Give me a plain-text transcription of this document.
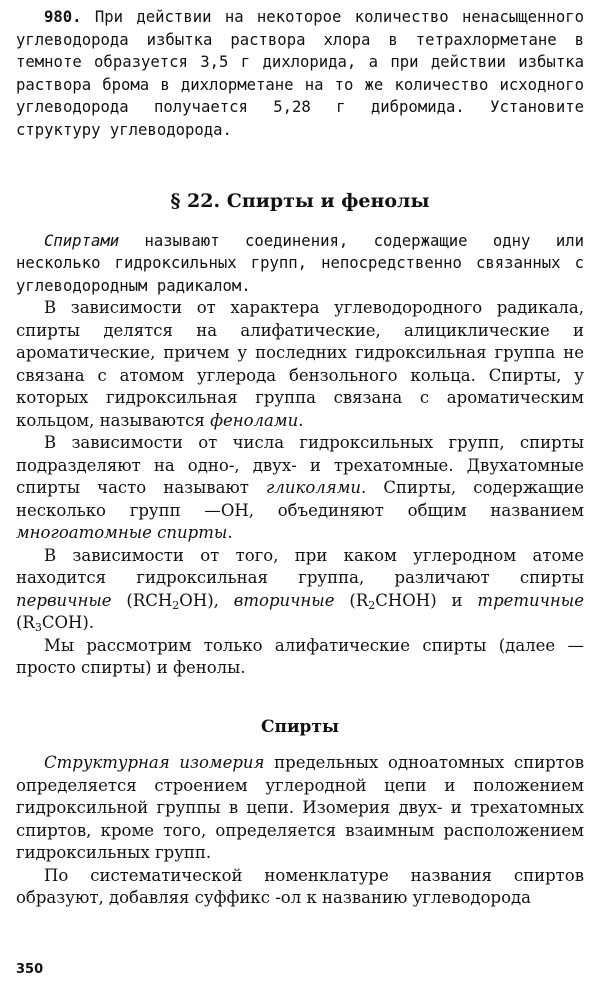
980. При действии на некоторое количество ненасыщенного углеводорода избытка раствора хлора в тетрахлорметане в темноте образуется 3,5 г дихлорида, а при действии избытка раствора брома в дихлорметане на то же количество исходного углеводорода получается 5,28 г дибромида. Установите структуру углеводорода.

§ 22. Спирты и фенолы

Спиртами называют соединения, содержащие одну или несколько гидроксильных групп, непосредственно связанных с углеводородным радикалом.

В зависимости от характера углеводородного радикала, спирты делятся на алифатические, алициклические и ароматические, причем у последних гидроксильная группа не связана с атомом углерода бензольного кольца. Спирты, у которых гидроксильная группа связана с ароматическим кольцом, называются фенолами.

В зависимости от числа гидроксильных групп, спирты подразделяют на одно-, двух- и трехатомные. Двухатомные спирты часто называют гликолями. Спирты, содержащие несколько групп —OH, объединяют общим названием многоатомные спирты.

В зависимости от того, при каком углеродном атоме находится гидроксильная группа, различают спирты первичные $(RCH_2OH)$, вторичные $(R_2CHOH)$ и третичные $(R_3COH)$.

Мы рассмотрим только алифатические спирты (далее — просто спирты) и фенолы.

Спирты

Структурная изомерия предельных одноатомных спиртов определяется строением углеродной цепи и положением гидроксильной группы в цепи. Изомерия двух- и трехатомных спиртов, кроме того, определяется взаимным расположением гидроксильных групп.

По систематической номенклатуре названия спиртов образуют, добавляя суффикс -ол к названию углеводорода

350
